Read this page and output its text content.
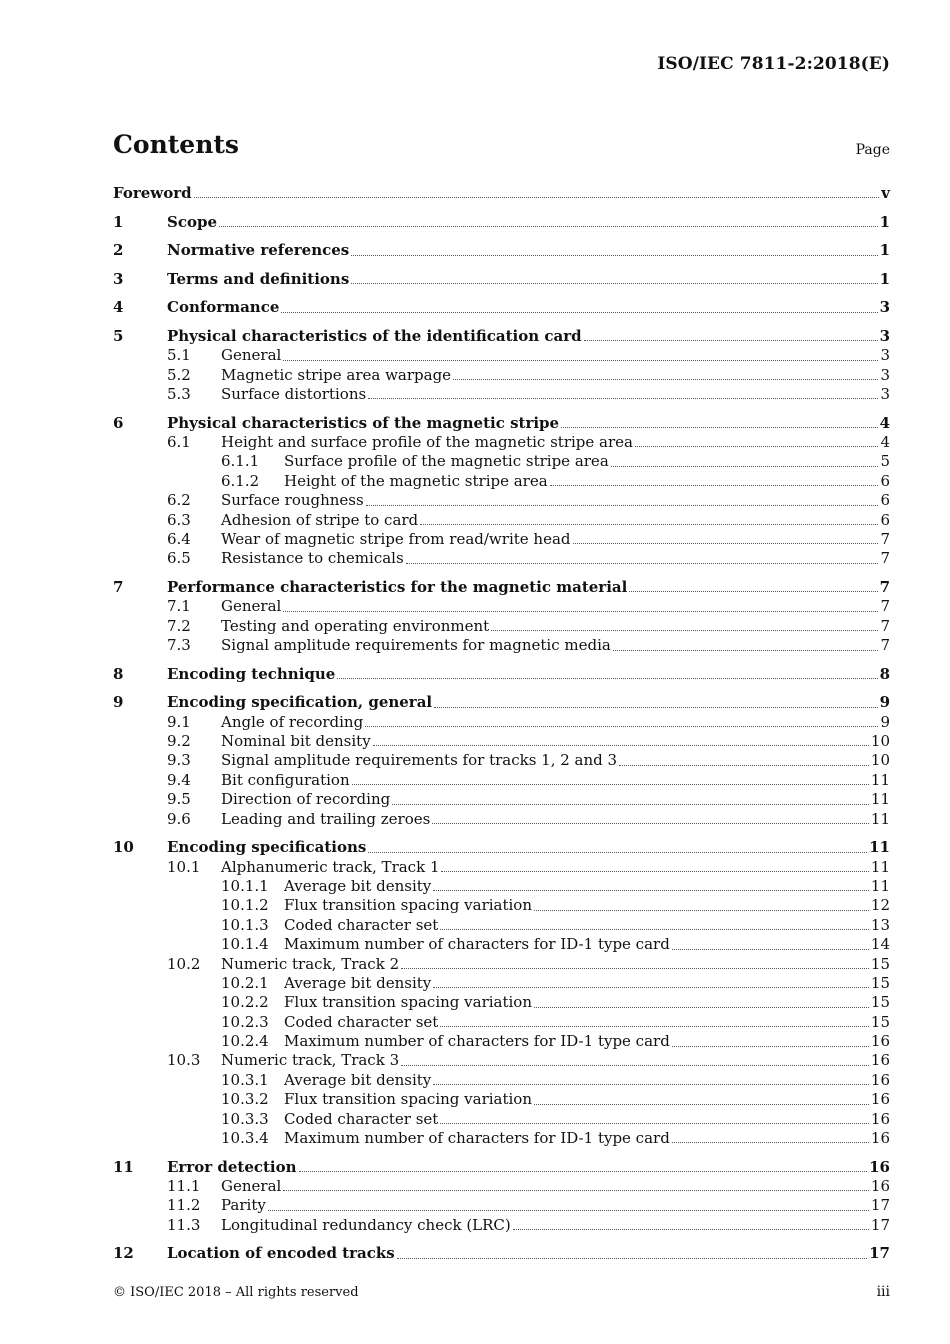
ISO/IEC 7811-2:2018(E)
Contents	Page
Foreword	v
1	Scope	1
2	Normative references	1
3	Terms and definitions	1
4	Conformance	3
5	Physical characteristics of the identification card	3
5.1	General	3
5.2	Magnetic stripe area warpage	3
5.3	Surface distortions	3
6	Physical characteristics of the magnetic stripe	4
6.1	Height and surface profile of the magnetic stripe area	4
6.1.1	Surface profile of the magnetic stripe area	5
6.1.2	Height of the magnetic stripe area	6
6.2	Surface roughness	6
6.3	Adhesion of stripe to card	6
6.4	Wear of magnetic stripe from read/write head	7
6.5	Resistance to chemicals	7
7	Performance characteristics for the magnetic material	7
7.1	General	7
7.2	Testing and operating environment	7
7.3	Signal amplitude requirements for magnetic media	7
8	Encoding technique	8
9	Encoding specification, general	9
9.1	Angle of recording	9
9.2	Nominal bit density	10
9.3	Signal amplitude requirements for tracks 1, 2 and 3	10
9.4	Bit configuration	11
9.5	Direction of recording	11
9.6	Leading and trailing zeroes	11
10	Encoding specifications	11
10.1	Alphanumeric track, Track 1	11
10.1.1	Average bit density	11
10.1.2	Flux transition spacing variation	12
10.1.3	Coded character set	13
10.1.4	Maximum number of characters for ID-1 type card	14
10.2	Numeric track, Track 2	15
10.2.1	Average bit density	15
10.2.2	Flux transition spacing variation	15
10.2.3	Coded character set	15
10.2.4	Maximum number of characters for ID-1 type card	16
10.3	Numeric track, Track 3	16
10.3.1	Average bit density	16
10.3.2	Flux transition spacing variation	16
10.3.3	Coded character set	16
10.3.4	Maximum number of characters for ID-1 type card	16
11	Error detection	16
11.1	General	16
11.2	Parity	17
11.3	Longitudinal redundancy check (LRC)	17
12	Location of encoded tracks	17
© ISO/IEC 2018 – All rights reserved	iii
